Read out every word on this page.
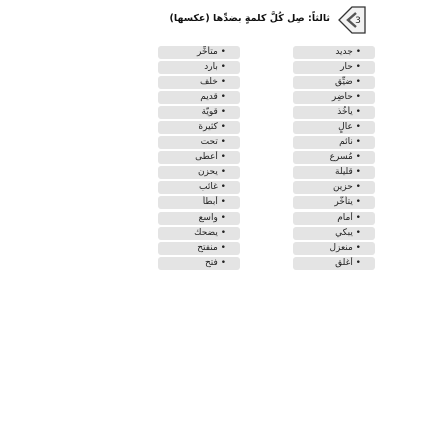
3
ثالثاً: صِل كُلَّ كلمةٍ بضدِّها (عكسها)
• جديد
• حار
• ضيِّق
• حاضِر
• يأخُذ
• عالٍ
• نائم
• مُسرع
• قليلة
• حزين
• يتأخَّر
• أمام
• يبكي
• منعزل
• أغلق
• متأخِّر
• بارد
• خلف
• قديم
• قويّة
• كثيرة
• تحت
• أعطى
• يحزن
• غائب
• أبطأ
• واسع
• يضحك
• منفتح
• فتح
